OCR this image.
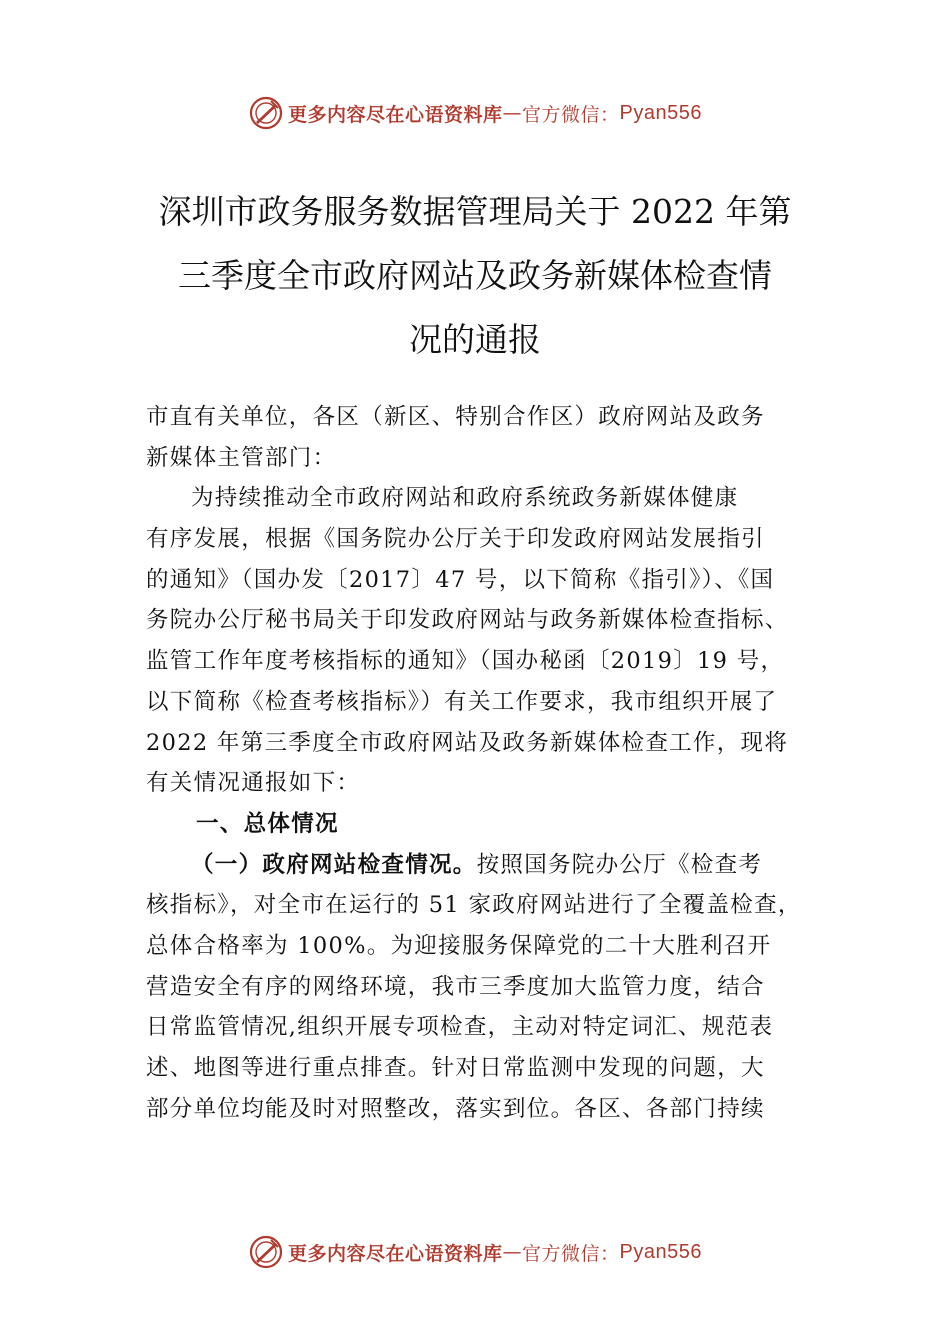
更多内容尽在心语资料库 — 官方微信： Pyan556
深圳市政务服务数据管理局关于 2022 年第
三季度全市政府网站及政务新媒体检查情
况的通报
市直有关单位，各区（新区、特别合作区）政府网站及政务
新媒体主管部门：
为持续推动全市政府网站和政府系统政务新媒体健康
有序发展，根据《国务院办公厅关于印发政府网站发展指引
的通知》（国办发〔2017〕47 号，以下简称《指引》）、《国
务院办公厅秘书局关于印发政府网站与政务新媒体检查指标、
监管工作年度考核指标的通知》（国办秘函〔2019〕19 号，
以下简称《检查考核指标》）有关工作要求，我市组织开展了
2022 年第三季度全市政府网站及政务新媒体检查工作，现将
有关情况通报如下：
一、总体情况
（一）政府网站检查情况。按照国务院办公厅《检查考
核指标》，对全市在运行的 51 家政府网站进行了全覆盖检查，
总体合格率为 100%。为迎接服务保障党的二十大胜利召开
营造安全有序的网络环境，我市三季度加大监管力度，结合
日常监管情况,组织开展专项检查，主动对特定词汇、规范表
述、地图等进行重点排查。针对日常监测中发现的问题，大
部分单位均能及时对照整改，落实到位。各区、各部门持续
更多内容尽在心语资料库 — 官方微信： Pyan556
